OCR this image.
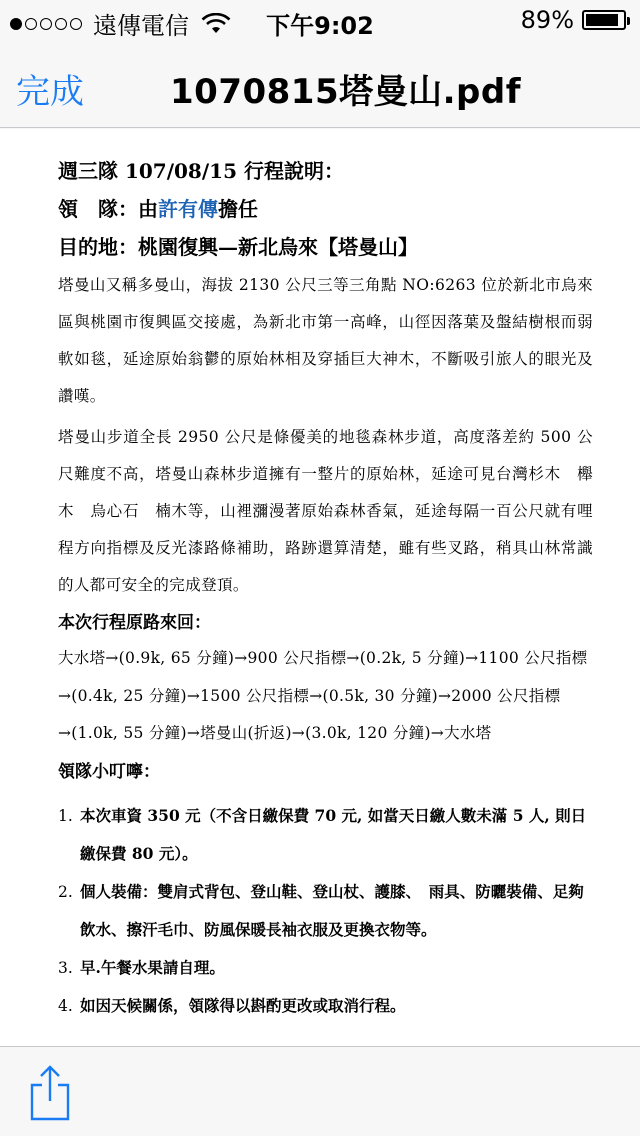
遠傳電信	下午9:02	89%
完成	1070815塔曼山.pdf
週三隊 107/08/15 行程說明：
領　隊：由許有傳擔任
目的地：桃園復興—新北烏來【塔曼山】
塔曼山又稱多曼山，海拔 2130 公尺三等三角點 NO:6263 位於新北市烏來區與桃園市復興區交接處，為新北市第一高峰，山徑因落葉及盤結樹根而弱軟如毯，延途原始翁鬱的原始林相及穿插巨大神木，不斷吸引旅人的眼光及讚嘆。
塔曼山步道全長 2950 公尺是條優美的地毯森林步道，高度落差約 500 公尺難度不高，塔曼山森林步道擁有一整片的原始林，延途可見台灣杉木　櫸木　烏心石　楠木等，山裡瀰漫著原始森林香氣，延途每隔一百公尺就有哩程方向指標及反光漆路條補助，路跡還算清楚，雖有些叉路，稍具山林常識的人都可安全的完成登頂。
本次行程原路來回：
大水塔→(0.9k, 65 分鐘)→900 公尺指標→(0.2k, 5 分鐘)→1100 公尺指標→(0.4k, 25 分鐘)→1500 公尺指標→(0.5k, 30 分鐘)→2000 公尺指標→(1.0k, 55 分鐘)→塔曼山(折返)→(3.0k, 120 分鐘)→大水塔
領隊小叮嚀：
1. 本次車資 350 元（不含日繳保費 70 元, 如當天日繳人數未滿 5 人, 則日繳保費 80 元）。
2. 個人裝備：雙肩式背包、登山鞋、登山杖、護膝、　雨具、防曬裝備、足夠飲水、擦汗毛巾、防風保暖長袖衣服及更換衣物等。
3. 早.午餐水果請自理。
4. 如因天候關係，領隊得以斟酌更改或取消行程。
